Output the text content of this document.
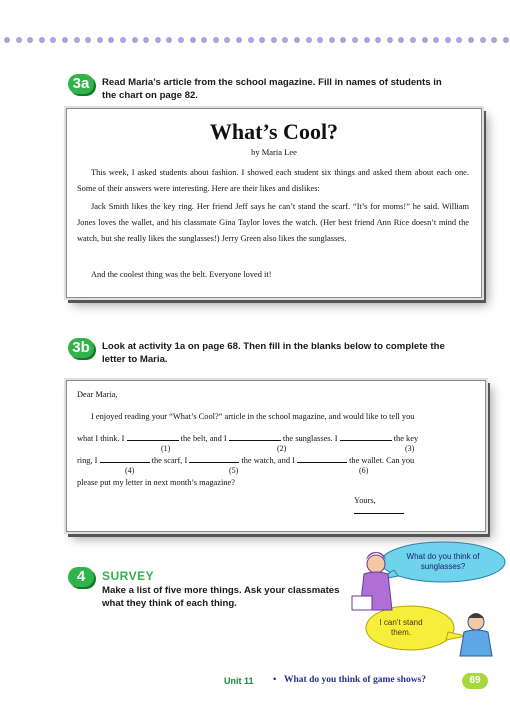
3a	Read Maria’s article from the school magazine. Fill in names of students in the chart on page 82.
What’s Cool?
by Maria Lee
This week, I asked students about fashion. I showed each student six things and asked them about each one. Some of their answers were interesting. Here are their likes and dislikes:
Jack Smith likes the key ring. Her friend Jeff says he can’t stand the scarf. “It’s for moms!” he said. William Jones loves the wallet, and his classmate Gina Taylor loves the watch. (Her best friend Ann Rice doesn’t mind the watch, but she really likes the sunglasses!) Jerry Green also likes the sunglasses.
And the coolest thing was the belt. Everyone loved it!
3b	Look at activity 1a on page 68. Then fill in the blanks below to complete the letter to Maria.
Dear Maria,
I enjoyed reading your “What’s Cool?” article in the school magazine, and would like to tell you
what I think. I	the belt, and I	the sunglasses. I	the key
(1)	(2)	(3)
ring, I	the scarf, I	the watch, and I	the wallet. Can you
(4)	(5)	(6)
please put my letter in next month’s magazine?
Yours,
4	SURVEY
Make a list of five more things. Ask your classmates what they think of each thing.
What do you think of sunglasses?
I can’t stand them.
Unit 11 • What do you think of game shows?	69
